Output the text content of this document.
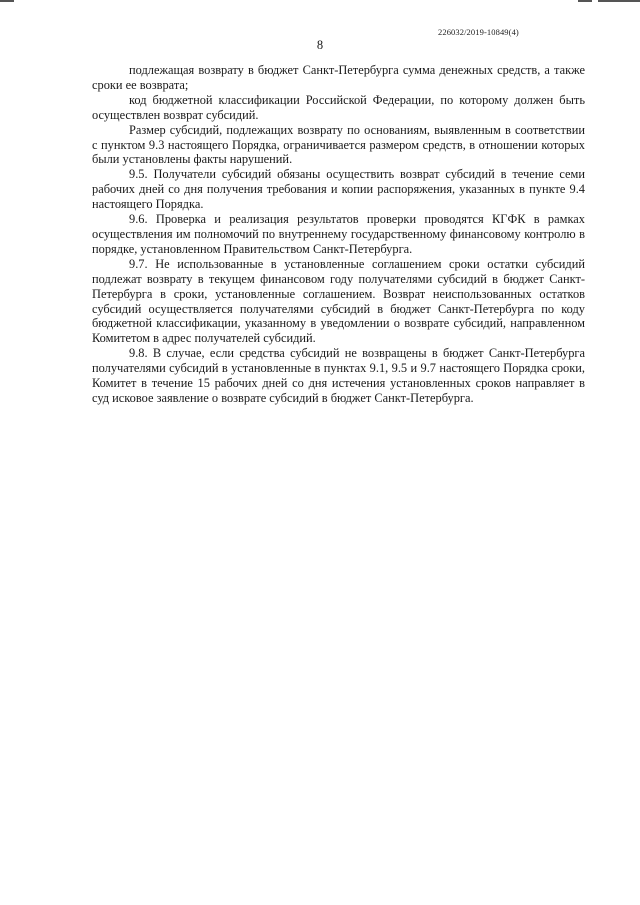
226032/2019-10849(4)
8

подлежащая возврату в бюджет Санкт-Петербурга сумма денежных средств, а также сроки ее возврата;

код бюджетной классификации Российской Федерации, по которому должен быть осуществлен возврат субсидий.

Размер субсидий, подлежащих возврату по основаниям, выявленным в соответствии с пунктом 9.3 настоящего Порядка, ограничивается размером средств, в отношении которых были установлены факты нарушений.

9.5. Получатели субсидий обязаны осуществить возврат субсидий в течение семи рабочих дней со дня получения требования и копии распоряжения, указанных в пункте 9.4 настоящего Порядка.

9.6. Проверка и реализация результатов проверки проводятся КГФК в рамках осуществления им полномочий по внутреннему государственному финансовому контролю в порядке, установленном Правительством Санкт-Петербурга.

9.7. Не использованные в установленные соглашением сроки остатки субсидий подлежат возврату в текущем финансовом году получателями субсидий в бюджет Санкт-Петербурга в сроки, установленные соглашением. Возврат неиспользованных остатков субсидий осуществляется получателями субсидий в бюджет Санкт-Петербурга по коду бюджетной классификации, указанному в уведомлении о возврате субсидий, направленном Комитетом в адрес получателей субсидий.

9.8. В случае, если средства субсидий не возвращены в бюджет Санкт-Петербурга получателями субсидий в установленные в пунктах 9.1, 9.5 и 9.7 настоящего Порядка сроки, Комитет в течение 15 рабочих дней со дня истечения установленных сроков направляет в суд исковое заявление о возврате субсидий в бюджет Санкт-Петербурга.
